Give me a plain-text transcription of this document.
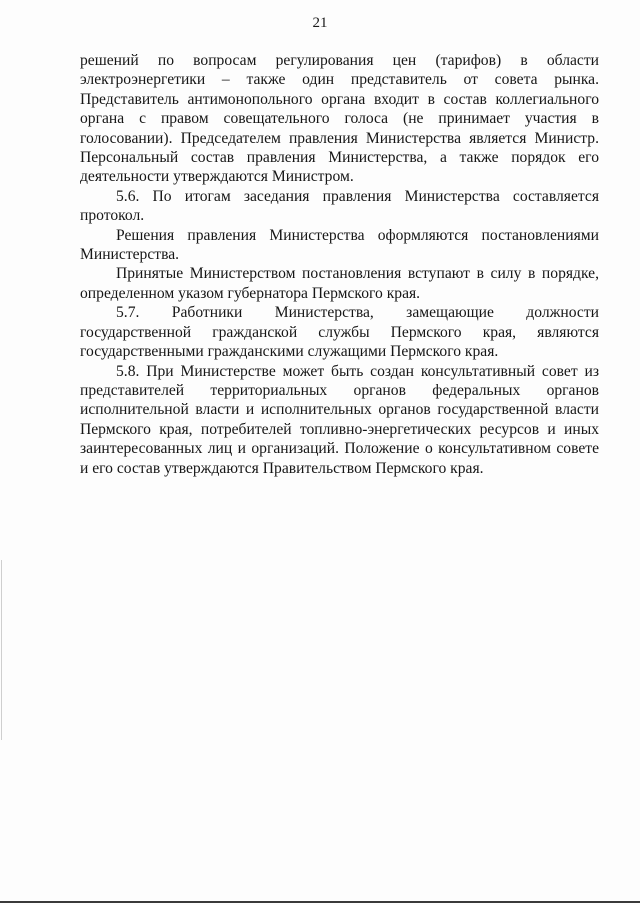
21

решений по вопросам регулирования цен (тарифов) в области электроэнергетики – также один представитель от совета рынка. Представитель антимонопольного органа входит в состав коллегиального органа с правом совещательного голоса (не принимает участия в голосовании). Председателем правления Министерства является Министр. Персональный состав правления Министерства, а также порядок его деятельности утверждаются Министром.

5.6. По итогам заседания правления Министерства составляется протокол.

Решения правления Министерства оформляются постановлениями Министерства.

Принятые Министерством постановления вступают в силу в порядке, определенном указом губернатора Пермского края.

5.7. Работники Министерства, замещающие должности государственной гражданской службы Пермского края, являются государственными гражданскими служащими Пермского края.

5.8. При Министерстве может быть создан консультативный совет из представителей территориальных органов федеральных органов исполнительной власти и исполнительных органов государственной власти Пермского края, потребителей топливно-энергетических ресурсов и иных заинтересованных лиц и организаций. Положение о консультативном совете и его состав утверждаются Правительством Пермского края.
